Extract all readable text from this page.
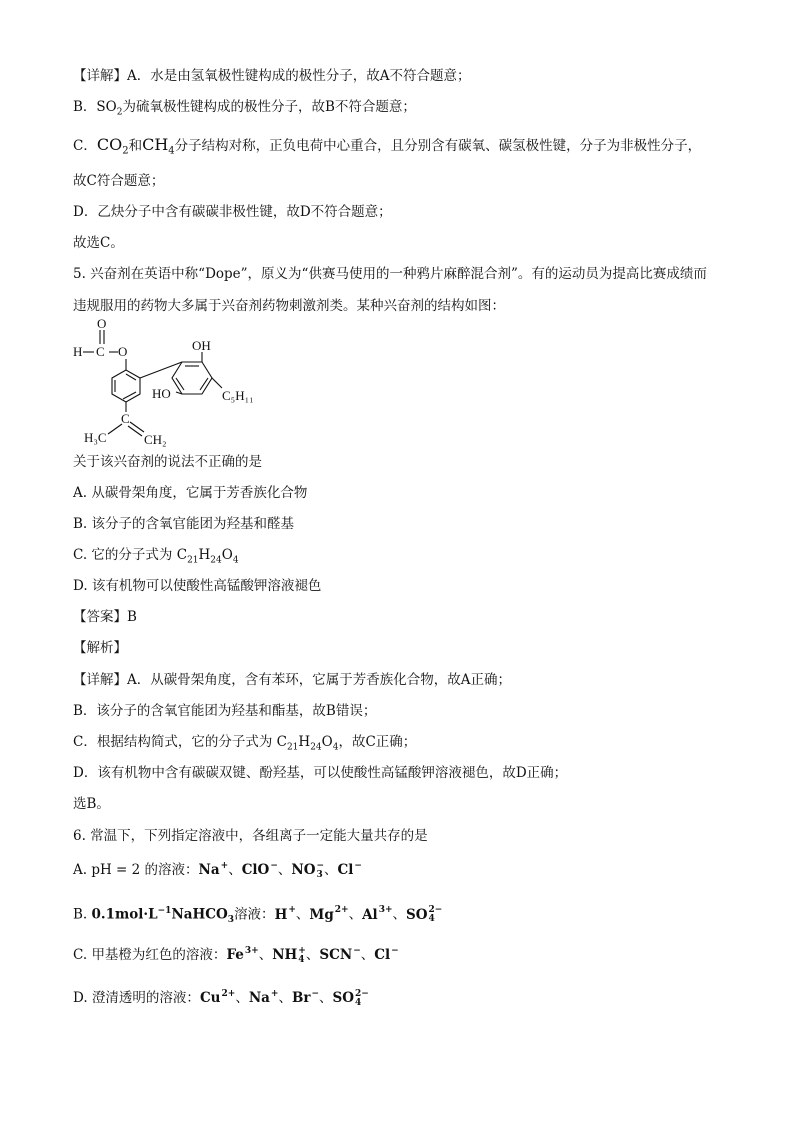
【详解】A．水是由氢氧极性键构成的极性分子，故A不符合题意；
B．$SO_2$为硫氧极性键构成的极性分子，故B不符合题意；
C．$CO_2$和$CH_4$分子结构对称，正负电荷中心重合，且分别含有碳氧、碳氢极性键，分子为非极性分子，
故C符合题意；
D．乙炔分子中含有碳碳非极性键，故D不符合题意；
故选C。
5. 兴奋剂在英语中称“Dope”，原义为“供赛马使用的一种鸦片麻醉混合剂”。有的运动员为提高比赛成绩而
违规服用的药物大多属于兴奋剂药物刺激剂类。某种兴奋剂的结构如图：
O
H C O	OH
HO	C₅H₁₁
C
H₃C	CH₂
关于该兴奋剂的说法不正确的是
A. 从碳骨架角度，它属于芳香族化合物
B. 该分子的含氧官能团为羟基和醛基
C. 它的分子式为 $C_{21}H_{24}O_4$
D. 该有机物可以使酸性高锰酸钾溶液褪色
【答案】B
【解析】
【详解】A．从碳骨架角度，含有苯环，它属于芳香族化合物，故A正确；
B．该分子的含氧官能团为羟基和酯基，故B错误；
C．根据结构简式，它的分子式为 $C_{21}H_{24}O_4$，故C正确；
D．该有机物中含有碳碳双键、酚羟基，可以使酸性高锰酸钾溶液褪色，故D正确；
选B。
6. 常温下，下列指定溶液中，各组离子一定能大量共存的是
A. pH = 2 的溶液：Na +
、ClO −
、NO −
3 、Cl −

B. $0.1mol\cdot L^{-1}NaHCO_3$溶液：H +
、Mg 2+
、Al 3+
、SO 2−
4
C. 甲基橙为红色的溶液：Fe 3+
、NH +
4 、SCN −
、Cl −

D. 澄清透明的溶液：Cu 2+
、Na +
、Br −
、SO 2−
4
